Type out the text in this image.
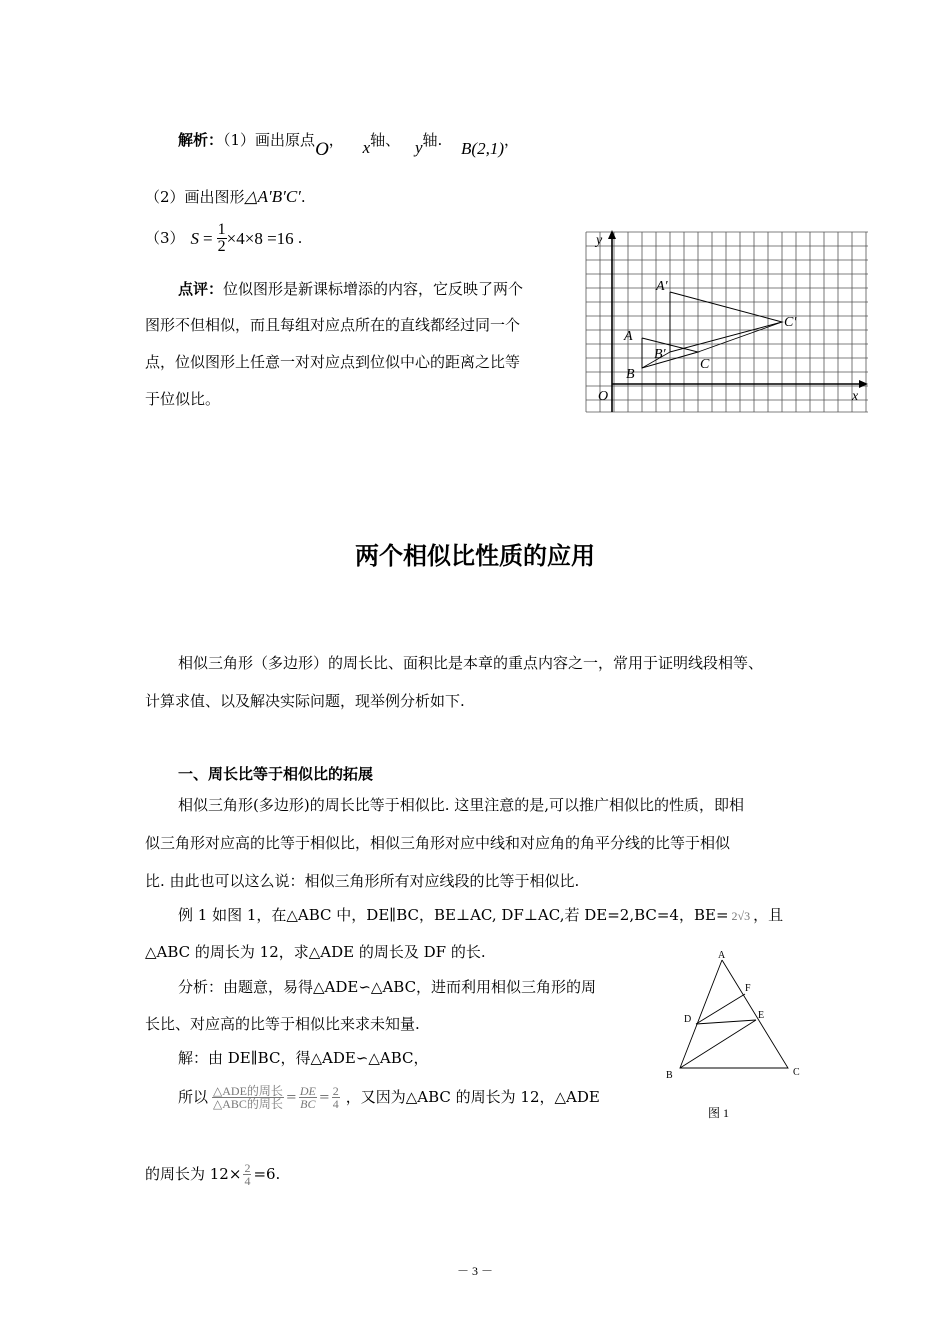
解析：（1）画出原点O， x轴、 y轴. B(2,1)，
（2）画出图形△A′B′C′.
（3） $S = \frac{1}{2} \times 4\times 8 =16$ .
点评：位似图形是新课标增添的内容，它反映了两个
图形不但相似，而且每组对应点所在的直线都经过同一个
点，位似图形上任意一对对应点到位似中心的距离之比等
于位似比。
y
x
O
A
B
C
A′
B′
C′
两个相似比性质的应用
相似三角形（多边形）的周长比、面积比是本章的重点内容之一，常用于证明线段相等、
计算求值、以及解决实际问题，现举例分析如下.
一、周长比等于相似比的拓展
相似三角形(多边形)的周长比等于相似比. 这里注意的是,可以推广相似比的性质，即相
似三角形对应高的比等于相似比，相似三角形对应中线和对应角的角平分线的比等于相似
比. 由此也可以这么说：相似三角形所有对应线段的比等于相似比.
例 1 如图 1，在△ABC 中，DE∥BC，BE⊥AC, DF⊥AC,若 DE=2,BC=4，BE= 2√3 ，且
△ABC 的周长为 12，求△ADE 的周长及 DF 的长.
分析：由题意，易得△ADE∽△ABC，进而利用相似三角形的周
长比、对应高的比等于相似比来求未知量.
解：由 DE∥BC，得△ADE∽△ABC，
所以 $\frac{\text{△ADE的周长}}{\text{△ABC的周长}} = \frac{DE}{BC} = \frac{2}{4}$ ，又因为△ABC 的周长为 12，△ADE
的周长为 $12\times \frac{2}{4} =6$.
A
B	C
D	E
F
图 1
－ 3 －
